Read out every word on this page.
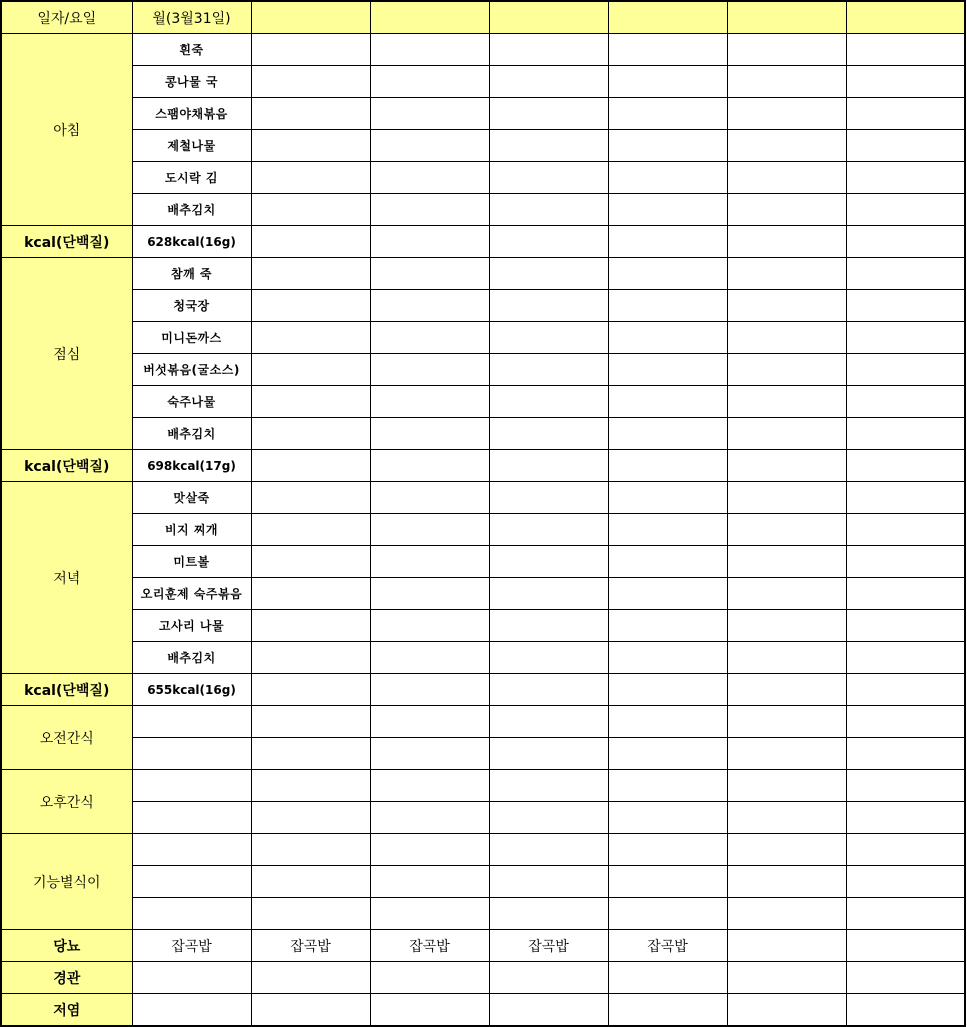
일자/요일	월(3월31일)						
아침	흰죽						
	콩나물 국						
	스팸야채볶음						
	제철나물						
	도시락 김						
	배추김치						
kcal(단백질)	628kcal(16g)						
점심	참깨 죽						
	청국장						
	미니돈까스						
	버섯볶음(굴소스)						
	숙주나물						
	배추김치						
kcal(단백질)	698kcal(17g)						
저녁	맛살죽						
	비지 찌개						
	미트볼						
	오리훈제 숙주볶음						
	고사리 나물						
	배추김치						
kcal(단백질)	655kcal(16g)						
오전간식							

오후간식							

기능별식이							

당뇨	잡곡밥	잡곡밥	잡곡밥	잡곡밥	잡곡밥		
경관							
저염							
